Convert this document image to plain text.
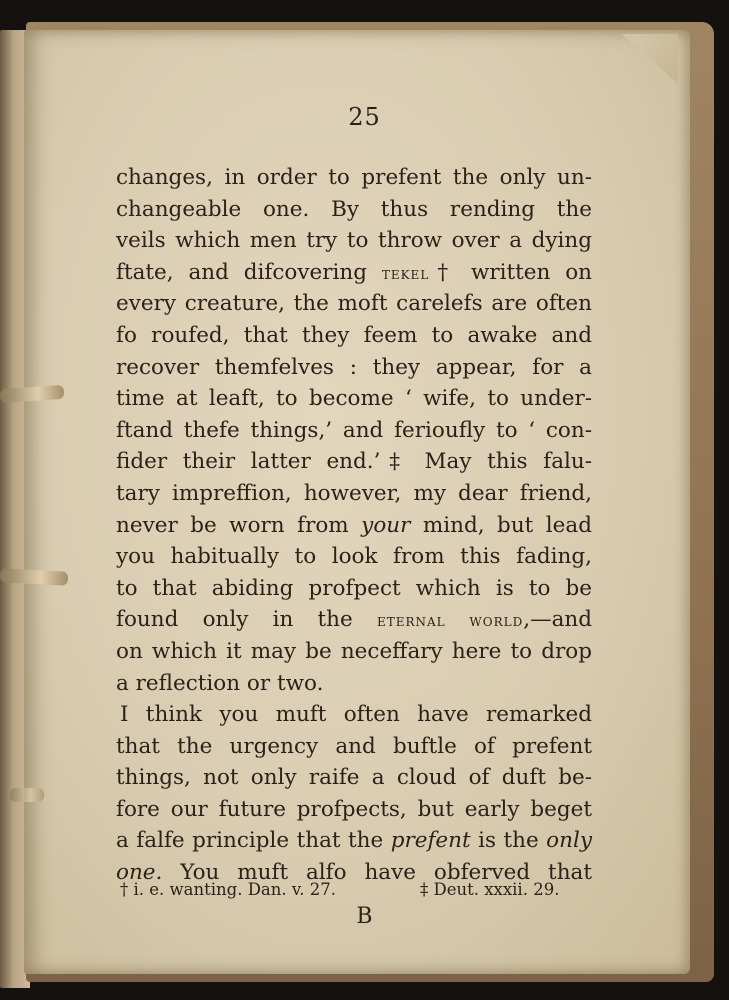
25
changes, in order to prefent the only un-
changeable one. By thus rending the
veils which men try to throw over a dying
ftate, and difcovering tekel† written on
every creature, the moft carelefs are often
fo roufed, that they feem to awake and
recover themfelves : they appear, for a
time at leaft, to become ‘ wife, to under-
ftand thefe things,’ and ferioufly to ‘ con-
fider their latter end.’‡ May this falu-
tary impreffion, however, my dear friend,
never be worn from your mind, but lead
you habitually to look from this fading,
to that abiding profpect which is to be
found only in the eternal world,—and
on which it may be neceffary here to drop
a reflection or two.
I think you muft often have remarked
that the urgency and buftle of prefent
things, not only raife a cloud of duft be-
fore our future profpects, but early beget
a falfe principle that the prefent is the only
one. You muft alfo have obferved that
† i. e. wanting. Dan. v. 27.	‡ Deut. xxxii. 29.
B
